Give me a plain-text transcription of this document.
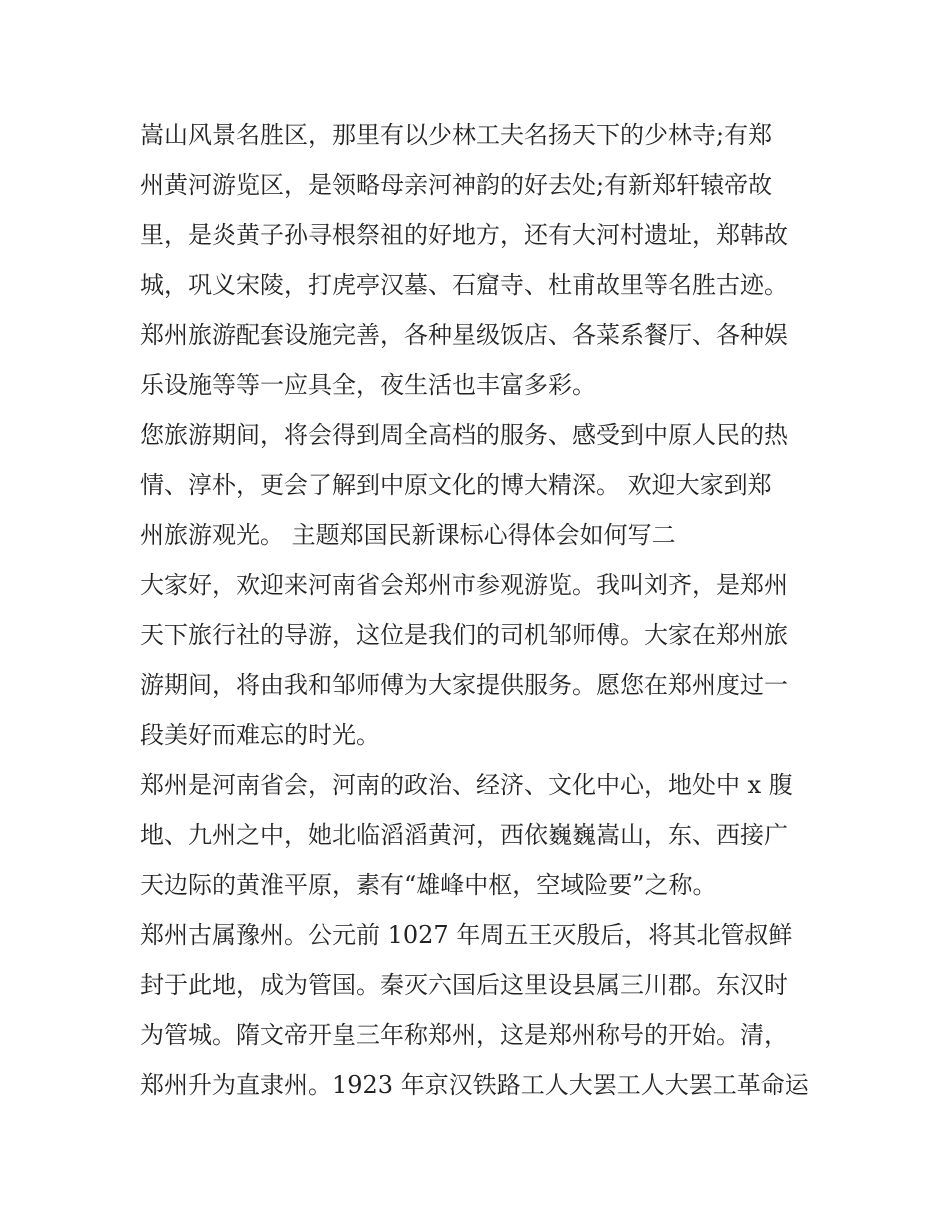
嵩山风景名胜区，那里有以少林工夫名扬天下的少林寺;有郑

州黄河游览区，是领略母亲河神韵的好去处;有新郑轩辕帝故

里，是炎黄子孙寻根祭祖的好地方，还有大河村遗址，郑韩故

城，巩义宋陵，打虎亭汉墓、石窟寺、杜甫故里等名胜古迹。

郑州旅游配套设施完善，各种星级饭店、各菜系餐厅、各种娱

乐设施等等一应具全，夜生活也丰富多彩。

您旅游期间，将会得到周全高档的服务、感受到中原人民的热

情、淳朴，更会了解到中原文化的博大精深。 欢迎大家到郑

州旅游观光。 主题郑国民新课标心得体会如何写二

大家好，欢迎来河南省会郑州市参观游览。我叫刘齐，是郑州

天下旅行社的导游，这位是我们的司机邹师傅。大家在郑州旅

游期间，将由我和邹师傅为大家提供服务。愿您在郑州度过一

段美好而难忘的时光。

郑州是河南省会，河南的政治、经济、文化中心，地处中 x 腹

地、九州之中，她北临滔滔黄河，西依巍巍嵩山，东、西接广

天边际的黄淮平原，素有“雄峰中枢，空域险要”之称。

郑州古属豫州。公元前 1027 年周五王灭殷后，将其北管叔鲜

封于此地，成为管国。秦灭六国后这里设县属三川郡。东汉时

为管城。隋文帝开皇三年称郑州，这是郑州称号的开始。清，

郑州升为直隶州。1923 年京汉铁路工人大罢工人大罢工革命运
